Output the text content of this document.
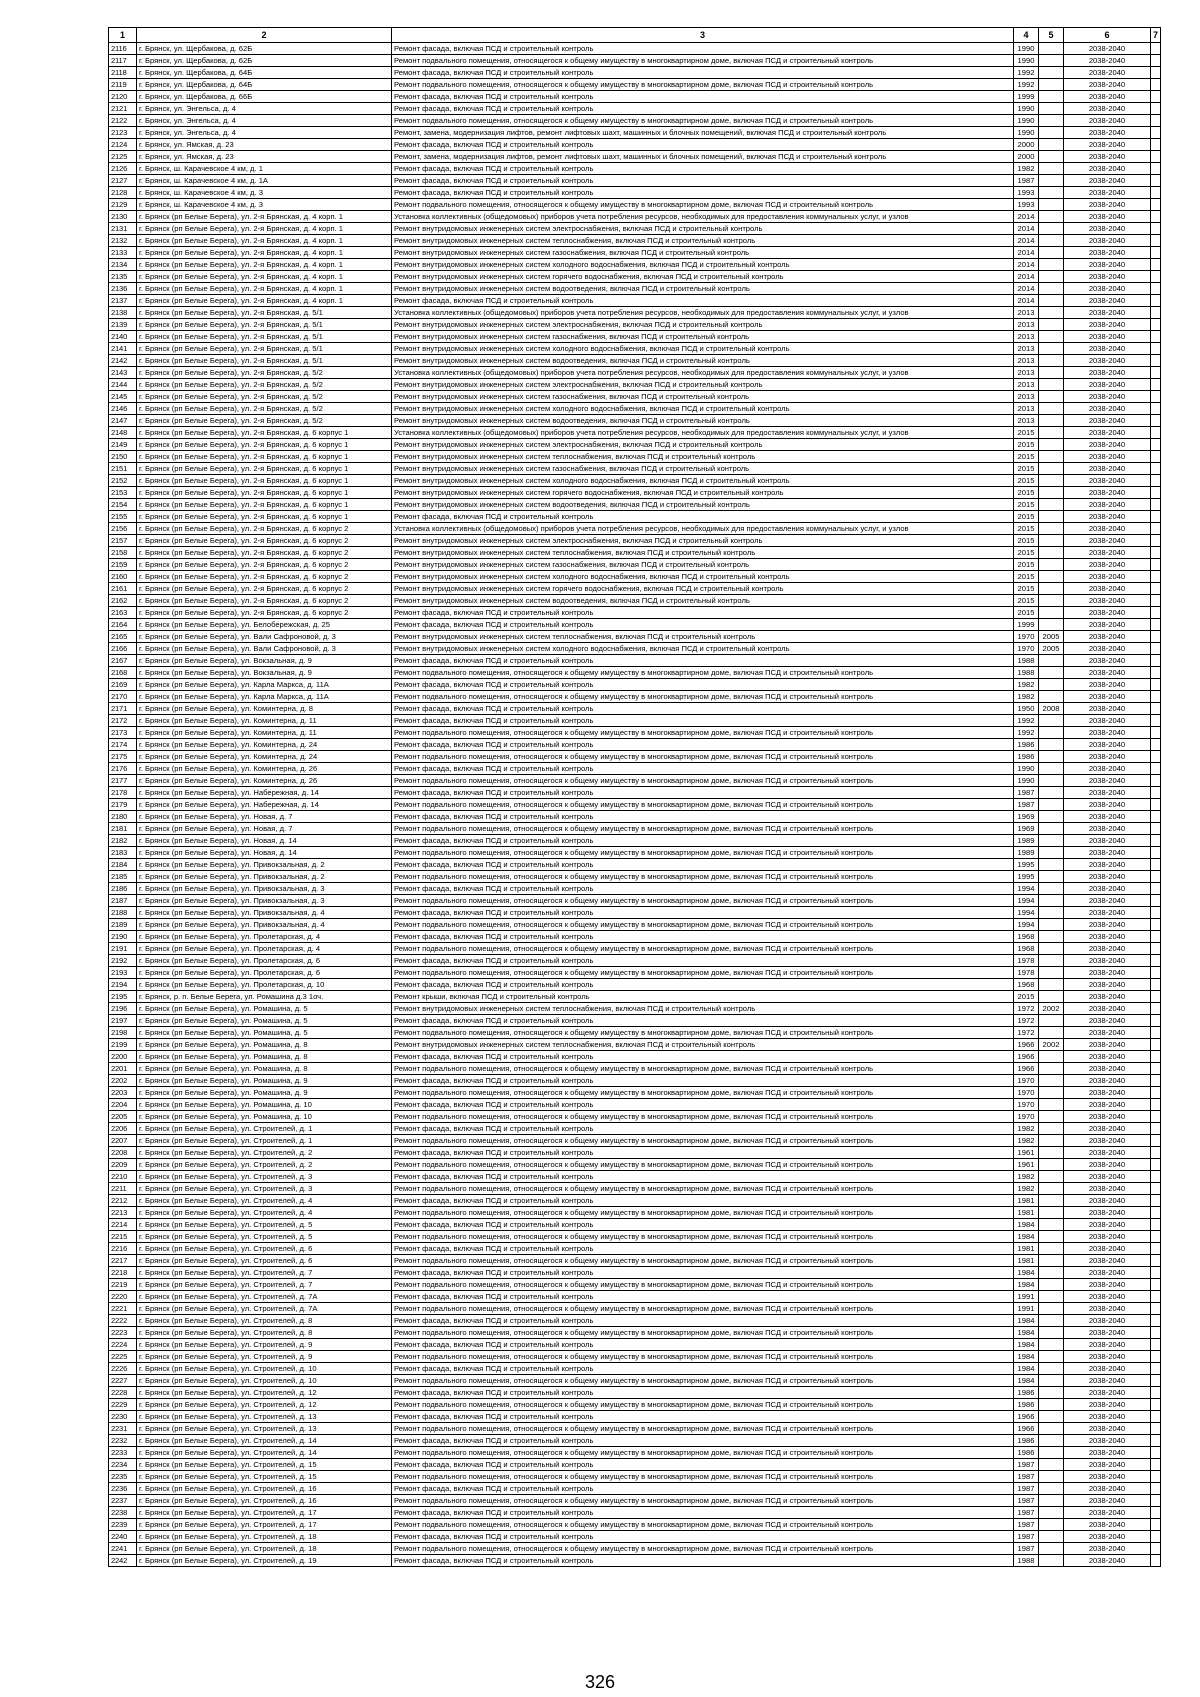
1	2	3	4	5	6	7
2116	г. Брянск, ул. Щербакова, д. 62Б	Ремонт фасада, включая ПСД и строительный контроль	1990		2038-2040	
2117	г. Брянск, ул. Щербакова, д. 62Б	Ремонт подвального помещения, относящегося к общему имуществу в многоквартирном доме, включая ПСД и строительный контроль	1990		2038-2040	
2118	г. Брянск, ул. Щербакова, д. 64Б	Ремонт фасада, включая ПСД и строительный контроль	1992		2038-2040	
2119	г. Брянск, ул. Щербакова, д. 64Б	Ремонт подвального помещения, относящегося к общему имуществу в многоквартирном доме, включая ПСД и строительный контроль	1992		2038-2040	
2120	г. Брянск, ул. Щербакова, д. 66Б	Ремонт фасада, включая ПСД и строительный контроль	1999		2038-2040	
2121	г. Брянск, ул. Энгельса, д. 4	Ремонт фасада, включая ПСД и строительный контроль	1990		2038-2040	
2122	г. Брянск, ул. Энгельса, д. 4	Ремонт подвального помещения, относящегося к общему имуществу в многоквартирном доме, включая ПСД и строительный контроль	1990		2038-2040	
2123	г. Брянск, ул. Энгельса, д. 4	Ремонт, замена, модернизация лифтов, ремонт лифтовых шахт, машинных и блочных помещений, включая ПСД и строительный контроль	1990		2038-2040	
2124	г. Брянск, ул. Ямская, д. 23	Ремонт фасада, включая ПСД и строительный контроль	2000		2038-2040	
2125	г. Брянск, ул. Ямская, д. 23	Ремонт, замена, модернизация лифтов, ремонт лифтовых шахт, машинных и блочных помещений, включая ПСД и строительный контроль	2000		2038-2040	
2126	г. Брянск, ш. Карачевское 4 км, д. 1	Ремонт фасада, включая ПСД и строительный контроль	1982		2038-2040	
2127	г. Брянск, ш. Карачевское 4 км, д. 1А	Ремонт фасада, включая ПСД и строительный контроль	1987		2038-2040	
2128	г. Брянск, ш. Карачевское 4 км, д. 3	Ремонт фасада, включая ПСД и строительный контроль	1993		2038-2040	
2129	г. Брянск, ш. Карачевское 4 км, д. 3	Ремонт подвального помещения, относящегося к общему имуществу в многоквартирном доме, включая ПСД и строительный контроль	1993		2038-2040	
2130	г. Брянск (рп Белые Берега), ул. 2-я Брянская, д. 4 корп. 1	Установка коллективных (общедомовых) приборов учета потребления ресурсов, необходимых для предоставления коммунальных услуг, и узлов	2014		2038-2040	
2131	г. Брянск (рп Белые Берега), ул. 2-я Брянская, д. 4 корп. 1	Ремонт внутридомовых инженерных систем электроснабжения, включая ПСД и строительный контроль	2014		2038-2040	
2132	г. Брянск (рп Белые Берега), ул. 2-я Брянская, д. 4 корп. 1	Ремонт внутридомовых инженерных систем теплоснабжения, включая ПСД и строительный контроль	2014		2038-2040	
2133	г. Брянск (рп Белые Берега), ул. 2-я Брянская, д. 4 корп. 1	Ремонт внутридомовых инженерных систем газоснабжения, включая ПСД и строительный контроль	2014		2038-2040	
2134	г. Брянск (рп Белые Берега), ул. 2-я Брянская, д. 4 корп. 1	Ремонт внутридомовых инженерных систем холодного водоснабжения, включая ПСД и строительный контроль	2014		2038-2040	
2135	г. Брянск (рп Белые Берега), ул. 2-я Брянская, д. 4 корп. 1	Ремонт внутридомовых инженерных систем горячего водоснабжения, включая ПСД и строительный контроль	2014		2038-2040	
2136	г. Брянск (рп Белые Берега), ул. 2-я Брянская, д. 4 корп. 1	Ремонт внутридомовых инженерных систем водоотведения, включая ПСД и строительный контроль	2014		2038-2040	
2137	г. Брянск (рп Белые Берега), ул. 2-я Брянская, д. 4 корп. 1	Ремонт фасада, включая ПСД и строительный контроль	2014		2038-2040	
2138	г. Брянск (рп Белые Берега), ул. 2-я Брянская, д. 5/1	Установка коллективных (общедомовых) приборов учета потребления ресурсов, необходимых для предоставления коммунальных услуг, и узлов	2013		2038-2040	
2139	г. Брянск (рп Белые Берега), ул. 2-я Брянская, д. 5/1	Ремонт внутридомовых инженерных систем электроснабжения, включая ПСД и строительный контроль	2013		2038-2040	
2140	г. Брянск (рп Белые Берега), ул. 2-я Брянская, д. 5/1	Ремонт внутридомовых инженерных систем газоснабжения, включая ПСД и строительный контроль	2013		2038-2040	
2141	г. Брянск (рп Белые Берега), ул. 2-я Брянская, д. 5/1	Ремонт внутридомовых инженерных систем холодного водоснабжения, включая ПСД и строительный контроль	2013		2038-2040	
2142	г. Брянск (рп Белые Берега), ул. 2-я Брянская, д. 5/1	Ремонт внутридомовых инженерных систем водоотведения, включая ПСД и строительный контроль	2013		2038-2040	
2143	г. Брянск (рп Белые Берега), ул. 2-я Брянская, д. 5/2	Установка коллективных (общедомовых) приборов учета потребления ресурсов, необходимых для предоставления коммунальных услуг, и узлов	2013		2038-2040	
2144	г. Брянск (рп Белые Берега), ул. 2-я Брянская, д. 5/2	Ремонт внутридомовых инженерных систем электроснабжения, включая ПСД и строительный контроль	2013		2038-2040	
2145	г. Брянск (рп Белые Берега), ул. 2-я Брянская, д. 5/2	Ремонт внутридомовых инженерных систем газоснабжения, включая ПСД и строительный контроль	2013		2038-2040	
2146	г. Брянск (рп Белые Берега), ул. 2-я Брянская, д. 5/2	Ремонт внутридомовых инженерных систем холодного водоснабжения, включая ПСД и строительный контроль	2013		2038-2040	
2147	г. Брянск (рп Белые Берега), ул. 2-я Брянская, д. 5/2	Ремонт внутридомовых инженерных систем водоотведения, включая ПСД и строительный контроль	2013		2038-2040	
2148	г. Брянск (рп Белые Берега), ул. 2-я Брянская, д. 6 корпус 1	Установка коллективных (общедомовых) приборов учета потребления ресурсов, необходимых для предоставления коммунальных услуг, и узлов	2015		2038-2040	
2149	г. Брянск (рп Белые Берега), ул. 2-я Брянская, д. 6 корпус 1	Ремонт внутридомовых инженерных систем электроснабжения, включая ПСД и строительный контроль	2015		2038-2040	
2150	г. Брянск (рп Белые Берега), ул. 2-я Брянская, д. 6 корпус 1	Ремонт внутридомовых инженерных систем теплоснабжения, включая ПСД и строительный контроль	2015		2038-2040	
2151	г. Брянск (рп Белые Берега), ул. 2-я Брянская, д. 6 корпус 1	Ремонт внутридомовых инженерных систем газоснабжения, включая ПСД и строительный контроль	2015		2038-2040	
2152	г. Брянск (рп Белые Берега), ул. 2-я Брянская, д. 6 корпус 1	Ремонт внутридомовых инженерных систем холодного водоснабжения, включая ПСД и строительный контроль	2015		2038-2040	
2153	г. Брянск (рп Белые Берега), ул. 2-я Брянская, д. 6 корпус 1	Ремонт внутридомовых инженерных систем горячего водоснабжения, включая ПСД и строительный контроль	2015		2038-2040	
2154	г. Брянск (рп Белые Берега), ул. 2-я Брянская, д. 6 корпус 1	Ремонт внутридомовых инженерных систем водоотведения, включая ПСД и строительный контроль	2015		2038-2040	
2155	г. Брянск (рп Белые Берега), ул. 2-я Брянская, д. 6 корпус 1	Ремонт фасада, включая ПСД и строительный контроль	2015		2038-2040	
2156	г. Брянск (рп Белые Берега), ул. 2-я Брянская, д. 6 корпус 2	Установка коллективных (общедомовых) приборов учета потребления ресурсов, необходимых для предоставления коммунальных услуг, и узлов	2015		2038-2040	
2157	г. Брянск (рп Белые Берега), ул. 2-я Брянская, д. 6 корпус 2	Ремонт внутридомовых инженерных систем электроснабжения, включая ПСД и строительный контроль	2015		2038-2040	
2158	г. Брянск (рп Белые Берега), ул. 2-я Брянская, д. 6 корпус 2	Ремонт внутридомовых инженерных систем теплоснабжения, включая ПСД и строительный контроль	2015		2038-2040	
2159	г. Брянск (рп Белые Берега), ул. 2-я Брянская, д. 6 корпус 2	Ремонт внутридомовых инженерных систем газоснабжения, включая ПСД и строительный контроль	2015		2038-2040	
2160	г. Брянск (рп Белые Берега), ул. 2-я Брянская, д. 6 корпус 2	Ремонт внутридомовых инженерных систем холодного водоснабжения, включая ПСД и строительный контроль	2015		2038-2040	
2161	г. Брянск (рп Белые Берега), ул. 2-я Брянская, д. 6 корпус 2	Ремонт внутридомовых инженерных систем горячего водоснабжения, включая ПСД и строительный контроль	2015		2038-2040	
2162	г. Брянск (рп Белые Берега), ул. 2-я Брянская, д. 6 корпус 2	Ремонт внутридомовых инженерных систем водоотведения, включая ПСД и строительный контроль	2015		2038-2040	
2163	г. Брянск (рп Белые Берега), ул. 2-я Брянская, д. 6 корпус 2	Ремонт фасада, включая ПСД и строительный контроль	2015		2038-2040	
2164	г. Брянск (рп Белые Берега), ул. Белобережская, д. 25	Ремонт фасада, включая ПСД и строительный контроль	1999		2038-2040	
2165	г. Брянск (рп Белые Берега), ул. Вали Сафроновой, д. 3	Ремонт внутридомовых инженерных систем теплоснабжения, включая ПСД и строительный контроль	1970	2005	2038-2040	
2166	г. Брянск (рп Белые Берега), ул. Вали Сафроновой, д. 3	Ремонт внутридомовых инженерных систем холодного водоснабжения, включая ПСД и строительный контроль	1970	2005	2038-2040	
2167	г. Брянск (рп Белые Берега), ул. Вокзальная, д. 9	Ремонт фасада, включая ПСД и строительный контроль	1988		2038-2040	
2168	г. Брянск (рп Белые Берега), ул. Вокзальная, д. 9	Ремонт подвального помещения, относящегося к общему имуществу в многоквартирном доме, включая ПСД и строительный контроль	1988		2038-2040	
2169	г. Брянск (рп Белые Берега), ул. Карла Маркса, д. 11А	Ремонт фасада, включая ПСД и строительный контроль	1982		2038-2040	
2170	г. Брянск (рп Белые Берега), ул. Карла Маркса, д. 11А	Ремонт подвального помещения, относящегося к общему имуществу в многоквартирном доме, включая ПСД и строительный контроль	1982		2038-2040	
2171	г. Брянск (рп Белые Берега), ул. Коминтерна, д. 8	Ремонт фасада, включая ПСД и строительный контроль	1950	2008	2038-2040	
2172	г. Брянск (рп Белые Берега), ул. Коминтерна, д. 11	Ремонт фасада, включая ПСД и строительный контроль	1992		2038-2040	
2173	г. Брянск (рп Белые Берега), ул. Коминтерна, д. 11	Ремонт подвального помещения, относящегося к общему имуществу в многоквартирном доме, включая ПСД и строительный контроль	1992		2038-2040	
2174	г. Брянск (рп Белые Берега), ул. Коминтерна, д. 24	Ремонт фасада, включая ПСД и строительный контроль	1986		2038-2040	
2175	г. Брянск (рп Белые Берега), ул. Коминтерна, д. 24	Ремонт подвального помещения, относящегося к общему имуществу в многоквартирном доме, включая ПСД и строительный контроль	1986		2038-2040	
2176	г. Брянск (рп Белые Берега), ул. Коминтерна, д. 26	Ремонт фасада, включая ПСД и строительный контроль	1990		2038-2040	
2177	г. Брянск (рп Белые Берега), ул. Коминтерна, д. 26	Ремонт подвального помещения, относящегося к общему имуществу в многоквартирном доме, включая ПСД и строительный контроль	1990		2038-2040	
2178	г. Брянск (рп Белые Берега), ул. Набережная, д. 14	Ремонт фасада, включая ПСД и строительный контроль	1987		2038-2040	
2179	г. Брянск (рп Белые Берега), ул. Набережная, д. 14	Ремонт подвального помещения, относящегося к общему имуществу в многоквартирном доме, включая ПСД и строительный контроль	1987		2038-2040	
2180	г. Брянск (рп Белые Берега), ул. Новая, д. 7	Ремонт фасада, включая ПСД и строительный контроль	1969		2038-2040	
2181	г. Брянск (рп Белые Берега), ул. Новая, д. 7	Ремонт подвального помещения, относящегося к общему имуществу в многоквартирном доме, включая ПСД и строительный контроль	1969		2038-2040	
2182	г. Брянск (рп Белые Берега), ул. Новая, д. 14	Ремонт фасада, включая ПСД и строительный контроль	1989		2038-2040	
2183	г. Брянск (рп Белые Берега), ул. Новая, д. 14	Ремонт подвального помещения, относящегося к общему имуществу в многоквартирном доме, включая ПСД и строительный контроль	1989		2038-2040	
2184	г. Брянск (рп Белые Берега), ул. Привокзальная, д. 2	Ремонт фасада, включая ПСД и строительный контроль	1995		2038-2040	
2185	г. Брянск (рп Белые Берега), ул. Привокзальная, д. 2	Ремонт подвального помещения, относящегося к общему имуществу в многоквартирном доме, включая ПСД и строительный контроль	1995		2038-2040	
2186	г. Брянск (рп Белые Берега), ул. Привокзальная, д. 3	Ремонт фасада, включая ПСД и строительный контроль	1994		2038-2040	
2187	г. Брянск (рп Белые Берега), ул. Привокзальная, д. 3	Ремонт подвального помещения, относящегося к общему имуществу в многоквартирном доме, включая ПСД и строительный контроль	1994		2038-2040	
2188	г. Брянск (рп Белые Берега), ул. Привокзальная, д. 4	Ремонт фасада, включая ПСД и строительный контроль	1994		2038-2040	
2189	г. Брянск (рп Белые Берега), ул. Привокзальная, д. 4	Ремонт подвального помещения, относящегося к общему имуществу в многоквартирном доме, включая ПСД и строительный контроль	1994		2038-2040	
2190	г. Брянск (рп Белые Берега), ул. Пролетарская, д. 4	Ремонт фасада, включая ПСД и строительный контроль	1968		2038-2040	
2191	г. Брянск (рп Белые Берега), ул. Пролетарская, д. 4	Ремонт подвального помещения, относящегося к общему имуществу в многоквартирном доме, включая ПСД и строительный контроль	1968		2038-2040	
2192	г. Брянск (рп Белые Берега), ул. Пролетарская, д. 6	Ремонт фасада, включая ПСД и строительный контроль	1978		2038-2040	
2193	г. Брянск (рп Белые Берега), ул. Пролетарская, д. 6	Ремонт подвального помещения, относящегося к общему имуществу в многоквартирном доме, включая ПСД и строительный контроль	1978		2038-2040	
2194	г. Брянск (рп Белые Берега), ул. Пролетарская, д. 10	Ремонт фасада, включая ПСД и строительный контроль	1968		2038-2040	
2195	г. Брянск, р. п. Белые Берега, ул. Ромашина д.3 1оч.	Ремонт крыши, включая ПСД и строительный контроль	2015		2038-2040	
2196	г. Брянск (рп Белые Берега), ул. Ромашина, д. 5	Ремонт внутридомовых инженерных систем теплоснабжения, включая ПСД и строительный контроль	1972	2002	2038-2040	
2197	г. Брянск (рп Белые Берега), ул. Ромашина, д. 5	Ремонт фасада, включая ПСД и строительный контроль	1972		2038-2040	
2198	г. Брянск (рп Белые Берега), ул. Ромашина, д. 5	Ремонт подвального помещения, относящегося к общему имуществу в многоквартирном доме, включая ПСД и строительный контроль	1972		2038-2040	
2199	г. Брянск (рп Белые Берега), ул. Ромашина, д. 8	Ремонт внутридомовых инженерных систем теплоснабжения, включая ПСД и строительный контроль	1966	2002	2038-2040	
2200	г. Брянск (рп Белые Берега), ул. Ромашина, д. 8	Ремонт фасада, включая ПСД и строительный контроль	1966		2038-2040	
2201	г. Брянск (рп Белые Берега), ул. Ромашина, д. 8	Ремонт подвального помещения, относящегося к общему имуществу в многоквартирном доме, включая ПСД и строительный контроль	1966		2038-2040	
2202	г. Брянск (рп Белые Берега), ул. Ромашина, д. 9	Ремонт фасада, включая ПСД и строительный контроль	1970		2038-2040	
2203	г. Брянск (рп Белые Берега), ул. Ромашина, д. 9	Ремонт подвального помещения, относящегося к общему имуществу в многоквартирном доме, включая ПСД и строительный контроль	1970		2038-2040	
2204	г. Брянск (рп Белые Берега), ул. Ромашина, д. 10	Ремонт фасада, включая ПСД и строительный контроль	1970		2038-2040	
2205	г. Брянск (рп Белые Берега), ул. Ромашина, д. 10	Ремонт подвального помещения, относящегося к общему имуществу в многоквартирном доме, включая ПСД и строительный контроль	1970		2038-2040	
2206	г. Брянск (рп Белые Берега), ул. Строителей, д. 1	Ремонт фасада, включая ПСД и строительный контроль	1982		2038-2040	
2207	г. Брянск (рп Белые Берега), ул. Строителей, д. 1	Ремонт подвального помещения, относящегося к общему имуществу в многоквартирном доме, включая ПСД и строительный контроль	1982		2038-2040	
2208	г. Брянск (рп Белые Берега), ул. Строителей, д. 2	Ремонт фасада, включая ПСД и строительный контроль	1961		2038-2040	
2209	г. Брянск (рп Белые Берега), ул. Строителей, д. 2	Ремонт подвального помещения, относящегося к общему имуществу в многоквартирном доме, включая ПСД и строительный контроль	1961		2038-2040	
2210	г. Брянск (рп Белые Берега), ул. Строителей, д. 3	Ремонт фасада, включая ПСД и строительный контроль	1982		2038-2040	
2211	г. Брянск (рп Белые Берега), ул. Строителей, д. 3	Ремонт подвального помещения, относящегося к общему имуществу в многоквартирном доме, включая ПСД и строительный контроль	1982		2038-2040	
2212	г. Брянск (рп Белые Берега), ул. Строителей, д. 4	Ремонт фасада, включая ПСД и строительный контроль	1981		2038-2040	
2213	г. Брянск (рп Белые Берега), ул. Строителей, д. 4	Ремонт подвального помещения, относящегося к общему имуществу в многоквартирном доме, включая ПСД и строительный контроль	1981		2038-2040	
2214	г. Брянск (рп Белые Берега), ул. Строителей, д. 5	Ремонт фасада, включая ПСД и строительный контроль	1984		2038-2040	
2215	г. Брянск (рп Белые Берега), ул. Строителей, д. 5	Ремонт подвального помещения, относящегося к общему имуществу в многоквартирном доме, включая ПСД и строительный контроль	1984		2038-2040	
2216	г. Брянск (рп Белые Берега), ул. Строителей, д. 6	Ремонт фасада, включая ПСД и строительный контроль	1981		2038-2040	
2217	г. Брянск (рп Белые Берега), ул. Строителей, д. 6	Ремонт подвального помещения, относящегося к общему имуществу в многоквартирном доме, включая ПСД и строительный контроль	1981		2038-2040	
2218	г. Брянск (рп Белые Берега), ул. Строителей, д. 7	Ремонт фасада, включая ПСД и строительный контроль	1984		2038-2040	
2219	г. Брянск (рп Белые Берега), ул. Строителей, д. 7	Ремонт подвального помещения, относящегося к общему имуществу в многоквартирном доме, включая ПСД и строительный контроль	1984		2038-2040	
2220	г. Брянск (рп Белые Берега), ул. Строителей, д. 7А	Ремонт фасада, включая ПСД и строительный контроль	1991		2038-2040	
2221	г. Брянск (рп Белые Берега), ул. Строителей, д. 7А	Ремонт подвального помещения, относящегося к общему имуществу в многоквартирном доме, включая ПСД и строительный контроль	1991		2038-2040	
2222	г. Брянск (рп Белые Берега), ул. Строителей, д. 8	Ремонт фасада, включая ПСД и строительный контроль	1984		2038-2040	
2223	г. Брянск (рп Белые Берега), ул. Строителей, д. 8	Ремонт подвального помещения, относящегося к общему имуществу в многоквартирном доме, включая ПСД и строительный контроль	1984		2038-2040	
2224	г. Брянск (рп Белые Берега), ул. Строителей, д. 9	Ремонт фасада, включая ПСД и строительный контроль	1984		2038-2040	
2225	г. Брянск (рп Белые Берега), ул. Строителей, д. 9	Ремонт подвального помещения, относящегося к общему имуществу в многоквартирном доме, включая ПСД и строительный контроль	1984		2038-2040	
2226	г. Брянск (рп Белые Берега), ул. Строителей, д. 10	Ремонт фасада, включая ПСД и строительный контроль	1984		2038-2040	
2227	г. Брянск (рп Белые Берега), ул. Строителей, д. 10	Ремонт подвального помещения, относящегося к общему имуществу в многоквартирном доме, включая ПСД и строительный контроль	1984		2038-2040	
2228	г. Брянск (рп Белые Берега), ул. Строителей, д. 12	Ремонт фасада, включая ПСД и строительный контроль	1986		2038-2040	
2229	г. Брянск (рп Белые Берега), ул. Строителей, д. 12	Ремонт подвального помещения, относящегося к общему имуществу в многоквартирном доме, включая ПСД и строительный контроль	1986		2038-2040	
2230	г. Брянск (рп Белые Берега), ул. Строителей, д. 13	Ремонт фасада, включая ПСД и строительный контроль	1966		2038-2040	
2231	г. Брянск (рп Белые Берега), ул. Строителей, д. 13	Ремонт подвального помещения, относящегося к общему имуществу в многоквартирном доме, включая ПСД и строительный контроль	1966		2038-2040	
2232	г. Брянск (рп Белые Берега), ул. Строителей, д. 14	Ремонт фасада, включая ПСД и строительный контроль	1986		2038-2040	
2233	г. Брянск (рп Белые Берега), ул. Строителей, д. 14	Ремонт подвального помещения, относящегося к общему имуществу в многоквартирном доме, включая ПСД и строительный контроль	1986		2038-2040	
2234	г. Брянск (рп Белые Берега), ул. Строителей, д. 15	Ремонт фасада, включая ПСД и строительный контроль	1987		2038-2040	
2235	г. Брянск (рп Белые Берега), ул. Строителей, д. 15	Ремонт подвального помещения, относящегося к общему имуществу в многоквартирном доме, включая ПСД и строительный контроль	1987		2038-2040	
2236	г. Брянск (рп Белые Берега), ул. Строителей, д. 16	Ремонт фасада, включая ПСД и строительный контроль	1987		2038-2040	
2237	г. Брянск (рп Белые Берега), ул. Строителей, д. 16	Ремонт подвального помещения, относящегося к общему имуществу в многоквартирном доме, включая ПСД и строительный контроль	1987		2038-2040	
2238	г. Брянск (рп Белые Берега), ул. Строителей, д. 17	Ремонт фасада, включая ПСД и строительный контроль	1987		2038-2040	
2239	г. Брянск (рп Белые Берега), ул. Строителей, д. 17	Ремонт подвального помещения, относящегося к общему имуществу в многоквартирном доме, включая ПСД и строительный контроль	1987		2038-2040	
2240	г. Брянск (рп Белые Берега), ул. Строителей, д. 18	Ремонт фасада, включая ПСД и строительный контроль	1987		2038-2040	
2241	г. Брянск (рп Белые Берега), ул. Строителей, д. 18	Ремонт подвального помещения, относящегося к общему имуществу в многоквартирном доме, включая ПСД и строительный контроль	1987		2038-2040	
2242	г. Брянск (рп Белые Берега), ул. Строителей, д. 19	Ремонт фасада, включая ПСД и строительный контроль	1988		2038-2040	
326
